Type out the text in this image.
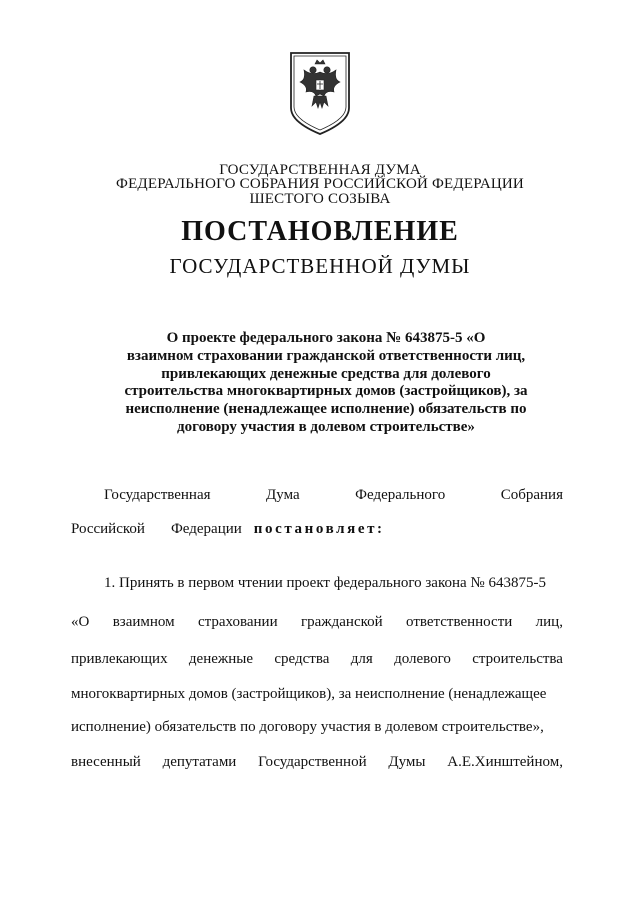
ГОСУДАРСТВЕННАЯ ДУМА
ФЕДЕРАЛЬНОГО СОБРАНИЯ РОССИЙСКОЙ ФЕДЕРАЦИИ
ШЕСТОГО СОЗЫВА
ПОСТАНОВЛЕНИЕ
ГОСУДАРСТВЕННОЙ ДУМЫ
О проекте федерального закона № 643875-5 «О
взаимном страховании гражданской ответственности лиц,
привлекающих денежные средства для долевого
строительства многоквартирных домов (застройщиков), за
неисполнение (ненадлежащее исполнение) обязательств по
договору участия в долевом строительстве»
Государственная	Дума	Федерального	Собрания
Российской Федерации постановляет:
1. Принять в первом чтении проект федерального закона № 643875-5
«О взаимном страховании гражданской ответственности лиц,
привлекающих денежные средства для долевого строительства
многоквартирных домов (застройщиков), за неисполнение (ненадлежащее
исполнение) обязательств по договору участия в долевом строительстве»,
внесенный депутатами Государственной Думы А.Е.Хинштейном,
